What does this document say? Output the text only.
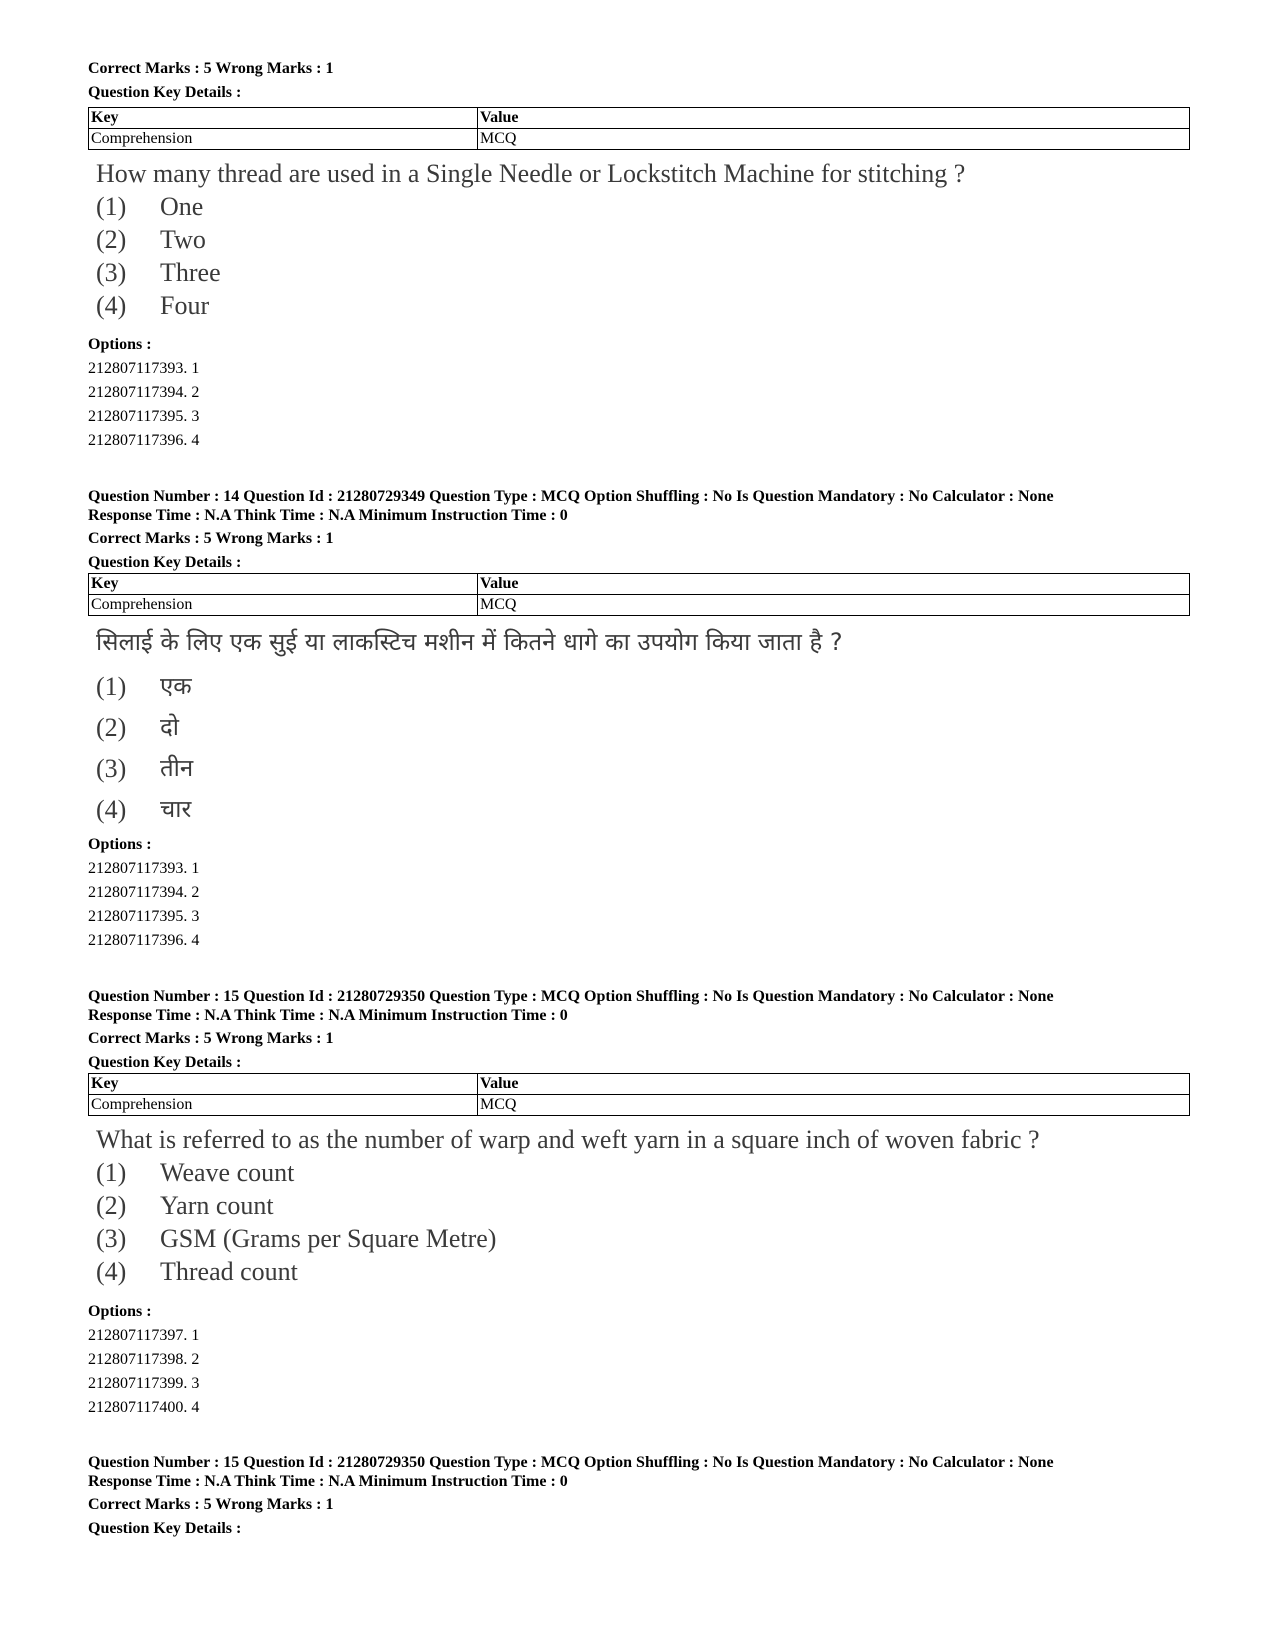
Correct Marks : 5 Wrong Marks : 1

Question Key Details :

Key	Value
Comprehension	MCQ

How many thread are used in a Single Needle or Lockstitch Machine for stitching ?

(1)	One

(2)	Two

(3)	Three

(4)	Four

Options :

212807117393. 1

212807117394. 2

212807117395. 3

212807117396. 4

Question Number : 14 Question Id : 21280729349 Question Type : MCQ Option Shuffling : No Is Question Mandatory : No Calculator : None

Response Time : N.A Think Time : N.A Minimum Instruction Time : 0

Correct Marks : 5 Wrong Marks : 1

Question Key Details :

Key	Value
Comprehension	MCQ

सिलाई के लिए एक सुई या लाकस्टिच मशीन में कितने धागे का उपयोग किया जाता है ?

(1)	एक

(2)	दो

(3)	तीन

(4)	चार

Options :

212807117393. 1

212807117394. 2

212807117395. 3

212807117396. 4

Question Number : 15 Question Id : 21280729350 Question Type : MCQ Option Shuffling : No Is Question Mandatory : No Calculator : None

Response Time : N.A Think Time : N.A Minimum Instruction Time : 0

Correct Marks : 5 Wrong Marks : 1

Question Key Details :

Key	Value
Comprehension	MCQ

What is referred to as the number of warp and weft yarn in a square inch of woven fabric ?

(1)	Weave count

(2)	Yarn count

(3)	GSM (Grams per Square Metre)

(4)	Thread count

Options :

212807117397. 1

212807117398. 2

212807117399. 3

212807117400. 4

Question Number : 15 Question Id : 21280729350 Question Type : MCQ Option Shuffling : No Is Question Mandatory : No Calculator : None

Response Time : N.A Think Time : N.A Minimum Instruction Time : 0

Correct Marks : 5 Wrong Marks : 1

Question Key Details :
